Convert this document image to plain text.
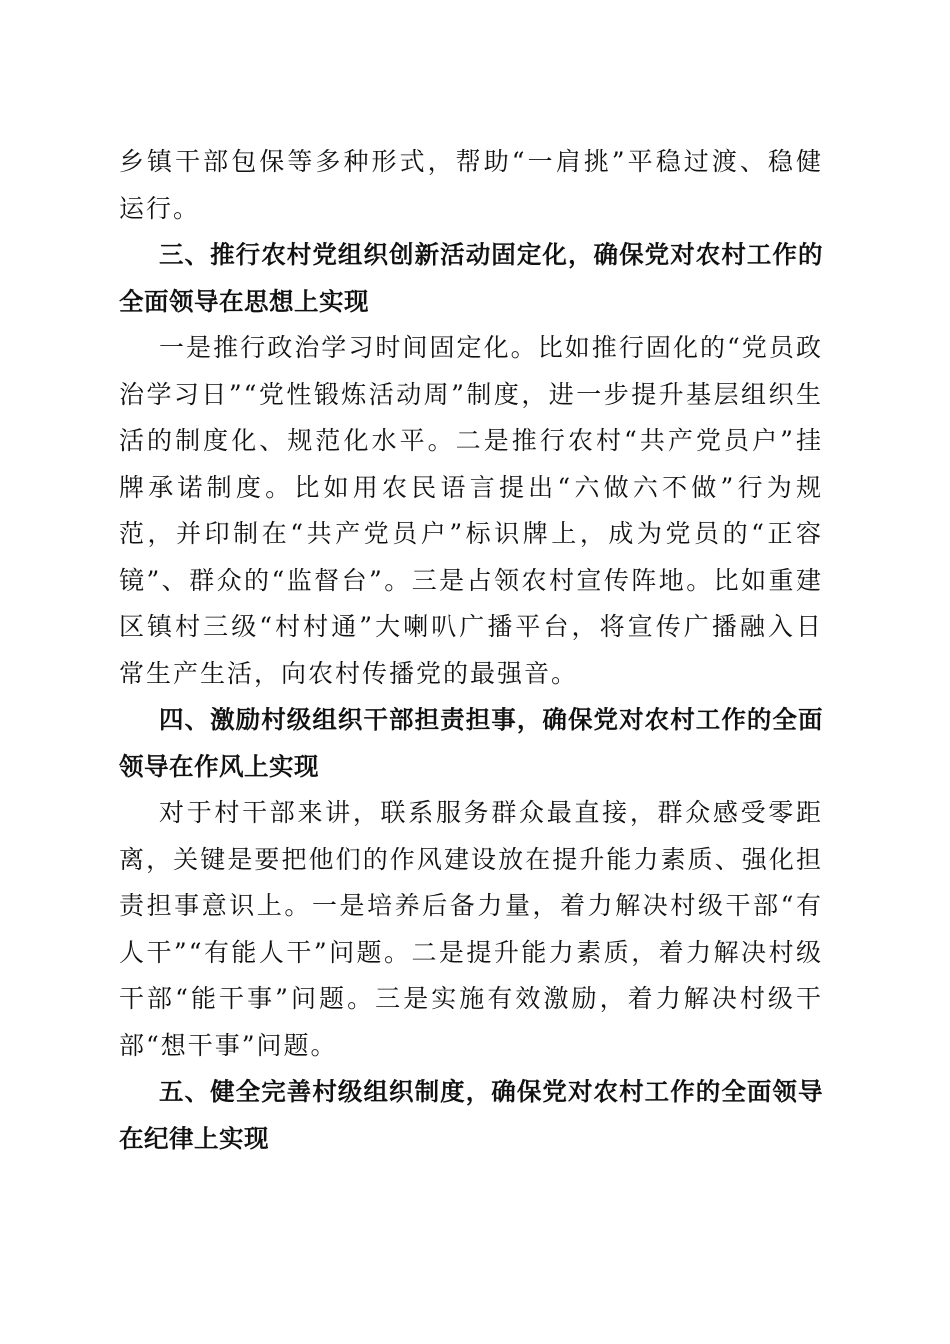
乡镇干部包保等多种形式，帮助“一肩挑”平稳过渡、稳健运行。

三、推行农村党组织创新活动固定化，确保党对农村工作的全面领导在思想上实现

一是推行政治学习时间固定化。比如推行固化的“党员政治学习日”“党性锻炼活动周”制度，进一步提升基层组织生活的制度化、规范化水平。二是推行农村“共产党员户”挂牌承诺制度。比如用农民语言提出“六做六不做”行为规范，并印制在“共产党员户”标识牌上，成为党员的“正容镜”、群众的“监督台”。三是占领农村宣传阵地。比如重建区镇村三级“村村通”大喇叭广播平台，将宣传广播融入日常生产生活，向农村传播党的最强音。

四、激励村级组织干部担责担事，确保党对农村工作的全面领导在作风上实现

对于村干部来讲，联系服务群众最直接，群众感受零距离，关键是要把他们的作风建设放在提升能力素质、强化担责担事意识上。一是培养后备力量，着力解决村级干部“有人干”“有能人干”问题。二是提升能力素质，着力解决村级干部“能干事”问题。三是实施有效激励，着力解决村级干部“想干事”问题。

五、健全完善村级组织制度，确保党对农村工作的全面领导在纪律上实现
